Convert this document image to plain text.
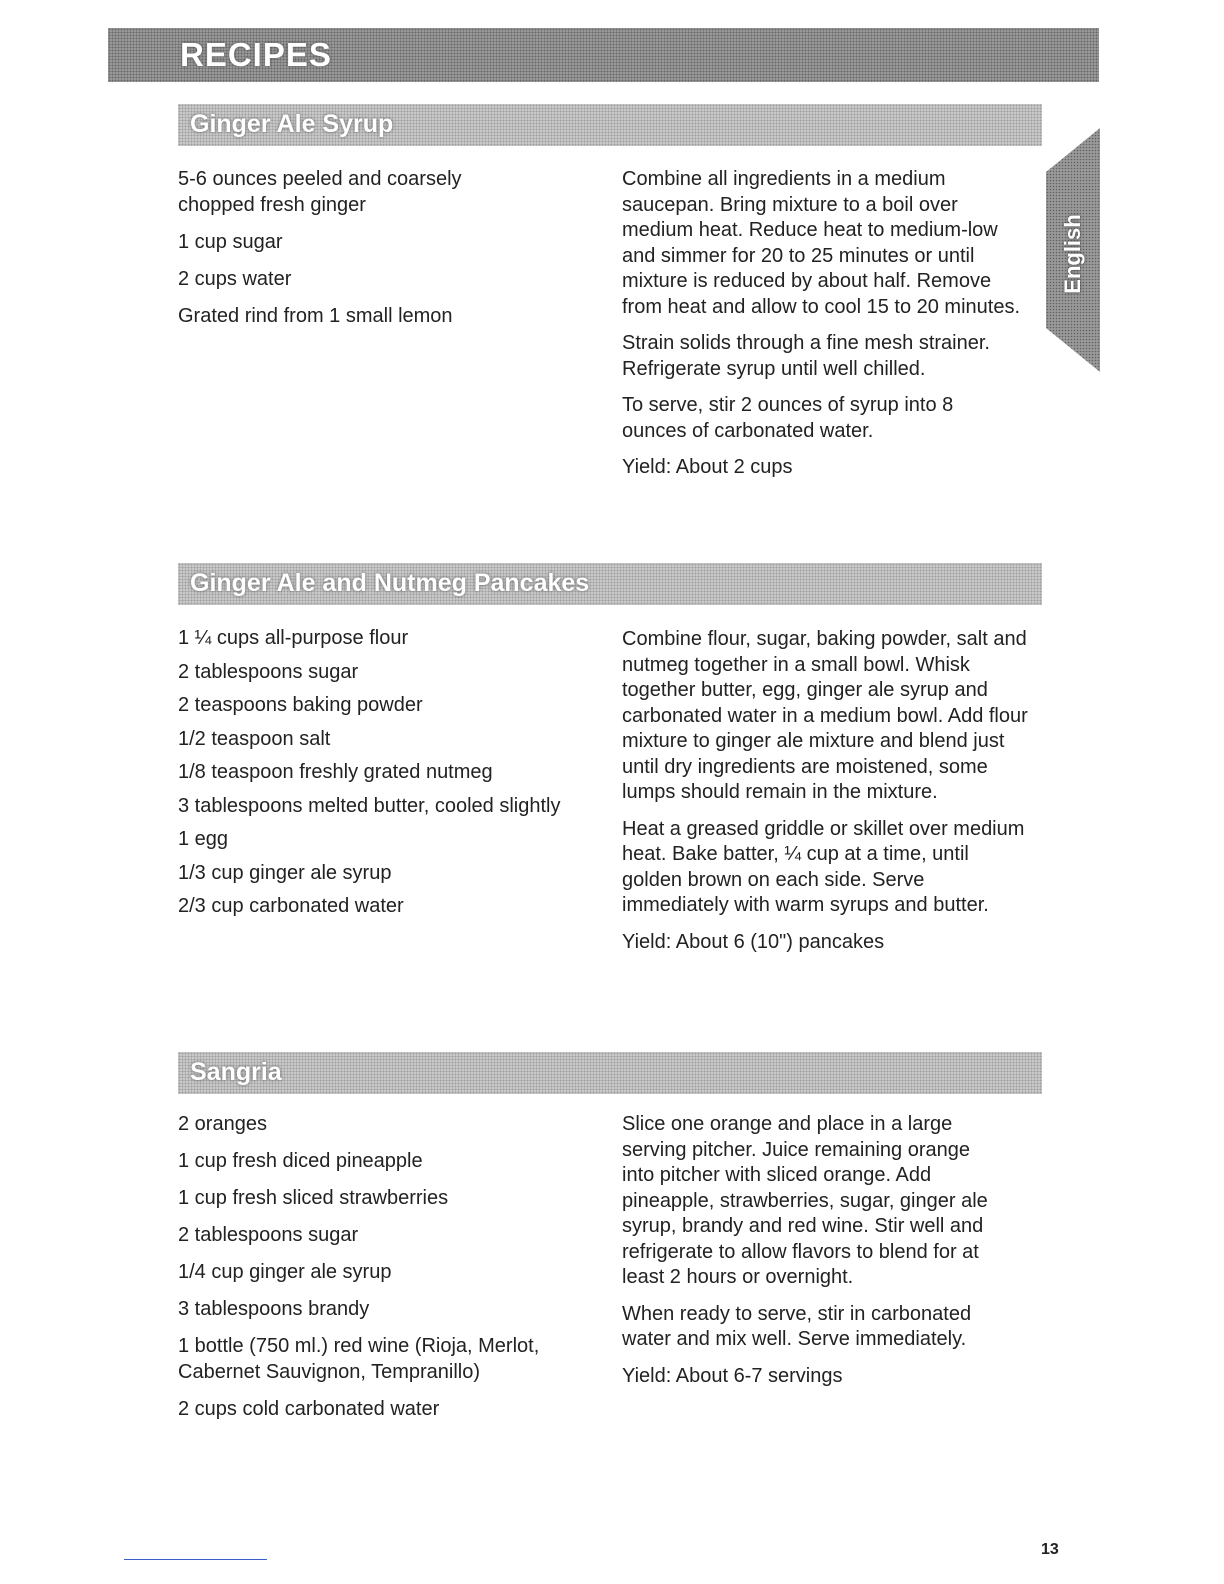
RECIPES
English
Ginger Ale Syrup

5-6 ounces peeled and coarsely chopped fresh ginger

1 cup sugar

2 cups water

Grated rind from 1 small lemon

Combine all ingredients in a medium saucepan. Bring mixture to a boil over medium heat. Reduce heat to medium-low and simmer for 20 to 25 minutes or until mixture is reduced by about half. Remove from heat and allow to cool 15 to 20 minutes.

Strain solids through a fine mesh strainer. Refrigerate syrup until well chilled.

To serve, stir 2 ounces of syrup into 8 ounces of carbonated water.

Yield: About 2 cups

Ginger Ale and Nutmeg Pancakes

1 ¼ cups all-purpose flour

2 tablespoons sugar

2 teaspoons baking powder

1/2 teaspoon salt

1/8 teaspoon freshly grated nutmeg

3 tablespoons melted butter, cooled slightly

1 egg

1/3 cup ginger ale syrup

2/3 cup carbonated water

Combine flour, sugar, baking powder, salt and nutmeg together in a small bowl. Whisk together butter, egg, ginger ale syrup and carbonated water in a medium bowl. Add flour mixture to ginger ale mixture and blend just until dry ingredients are moistened, some lumps should remain in the mixture.

Heat a greased griddle or skillet over medium heat. Bake batter, ¼ cup at a time, until golden brown on each side. Serve immediately with warm syrups and butter.

Yield: About 6 (10") pancakes

Sangria

2 oranges

1 cup fresh diced pineapple

1 cup fresh sliced strawberries

2 tablespoons sugar

1/4 cup ginger ale syrup

3 tablespoons brandy

1 bottle (750 ml.) red wine (Rioja, Merlot, Cabernet Sauvignon, Tempranillo)

2 cups cold carbonated water

Slice one orange and place in a large serving pitcher. Juice remaining orange into pitcher with sliced orange. Add pineapple, strawberries, sugar, ginger ale syrup, brandy and red wine. Stir well and refrigerate to allow flavors to blend for at least 2 hours or overnight.

When ready to serve, stir in carbonated water and mix well. Serve immediately.

Yield: About 6-7 servings

13
